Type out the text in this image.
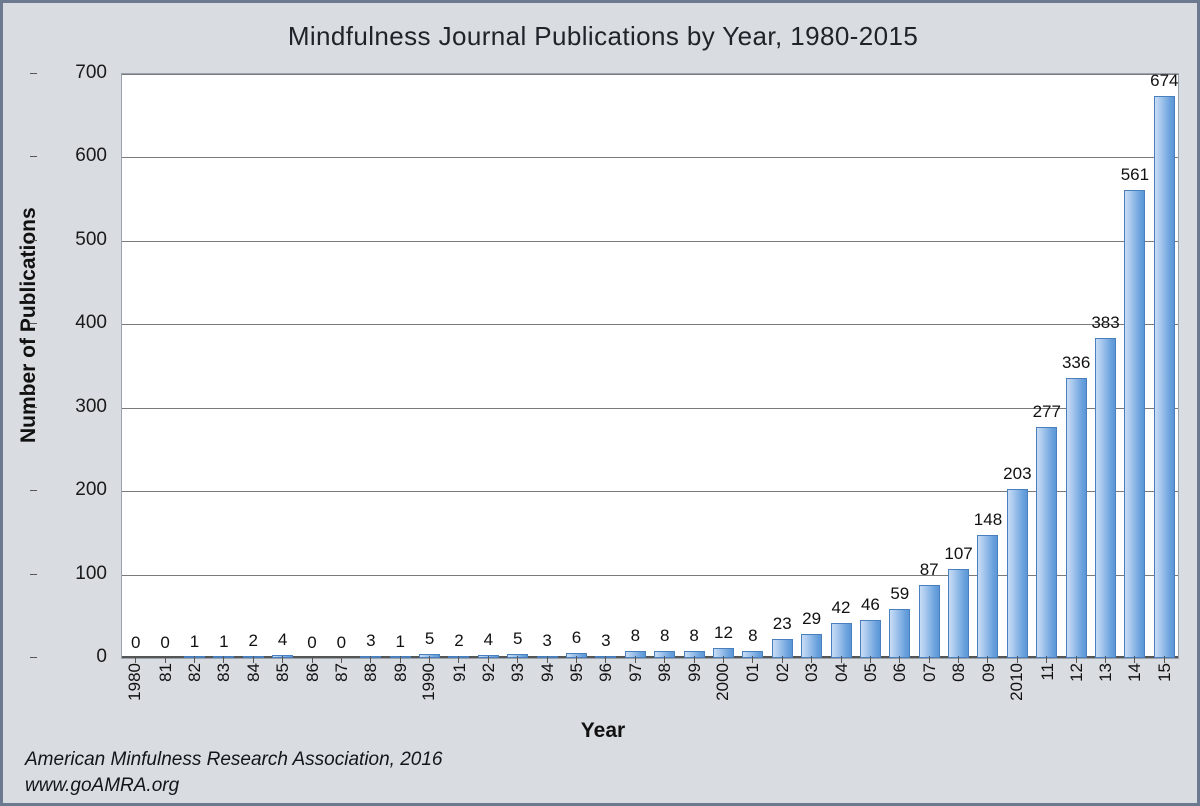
Mindfulness Journal Publications by Year, 1980-2015
Number of Publications
0
100
200
300
400
500
600
700
0 0 1 1 2 4 0 0 3 1 5 2 4 5 3 6 3 8 8 8 12 8
23 29
42 46
59
87
107
148
203
277
336
383
561
674
1980 81 82 83 84 85 86 87 88 89 1990 91 92 93 94 95 96 97 98 99 2000 01 02 03 04 05 06 07 08 09 2010 11 12 13 14 15
Year
American Minfulness Research Association, 2016
www.goAMRA.org
